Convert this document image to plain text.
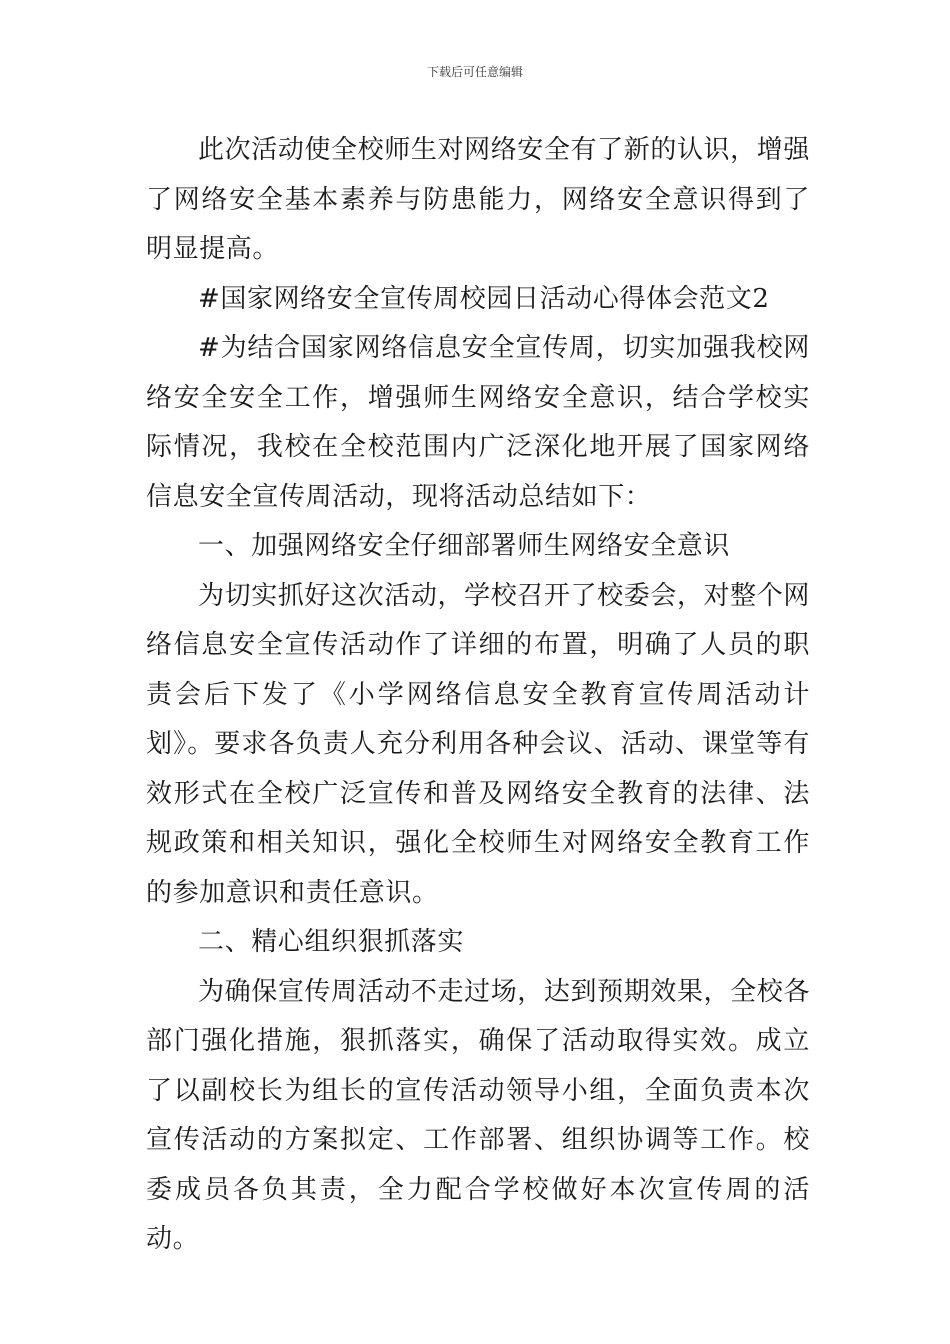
下载后可任意编辑

此次活动使全校师生对网络安全有了新的认识，增强了网络安全基本素养与防患能力，网络安全意识得到了明显提高。

#国家网络安全宣传周校园日活动心得体会范文2

#为结合国家网络信息安全宣传周，切实加强我校网络安全安全工作，增强师生网络安全意识，结合学校实际情况，我校在全校范围内广泛深化地开展了国家网络信息安全宣传周活动，现将活动总结如下：

一、加强网络安全仔细部署师生网络安全意识

为切实抓好这次活动，学校召开了校委会，对整个网络信息安全宣传活动作了详细的布置，明确了人员的职责会后下发了《小学网络信息安全教育宣传周活动计划》。要求各负责人充分利用各种会议、活动、课堂等有效形式在全校广泛宣传和普及网络安全教育的法律、法规政策和相关知识，强化全校师生对网络安全教育工作的参加意识和责任意识。

二、精心组织狠抓落实

为确保宣传周活动不走过场，达到预期效果，全校各部门强化措施，狠抓落实，确保了活动取得实效。成立了以副校长为组长的宣传活动领导小组，全面负责本次宣传活动的方案拟定、工作部署、组织协调等工作。校委成员各负其责，全力配合学校做好本次宣传周的活动。
